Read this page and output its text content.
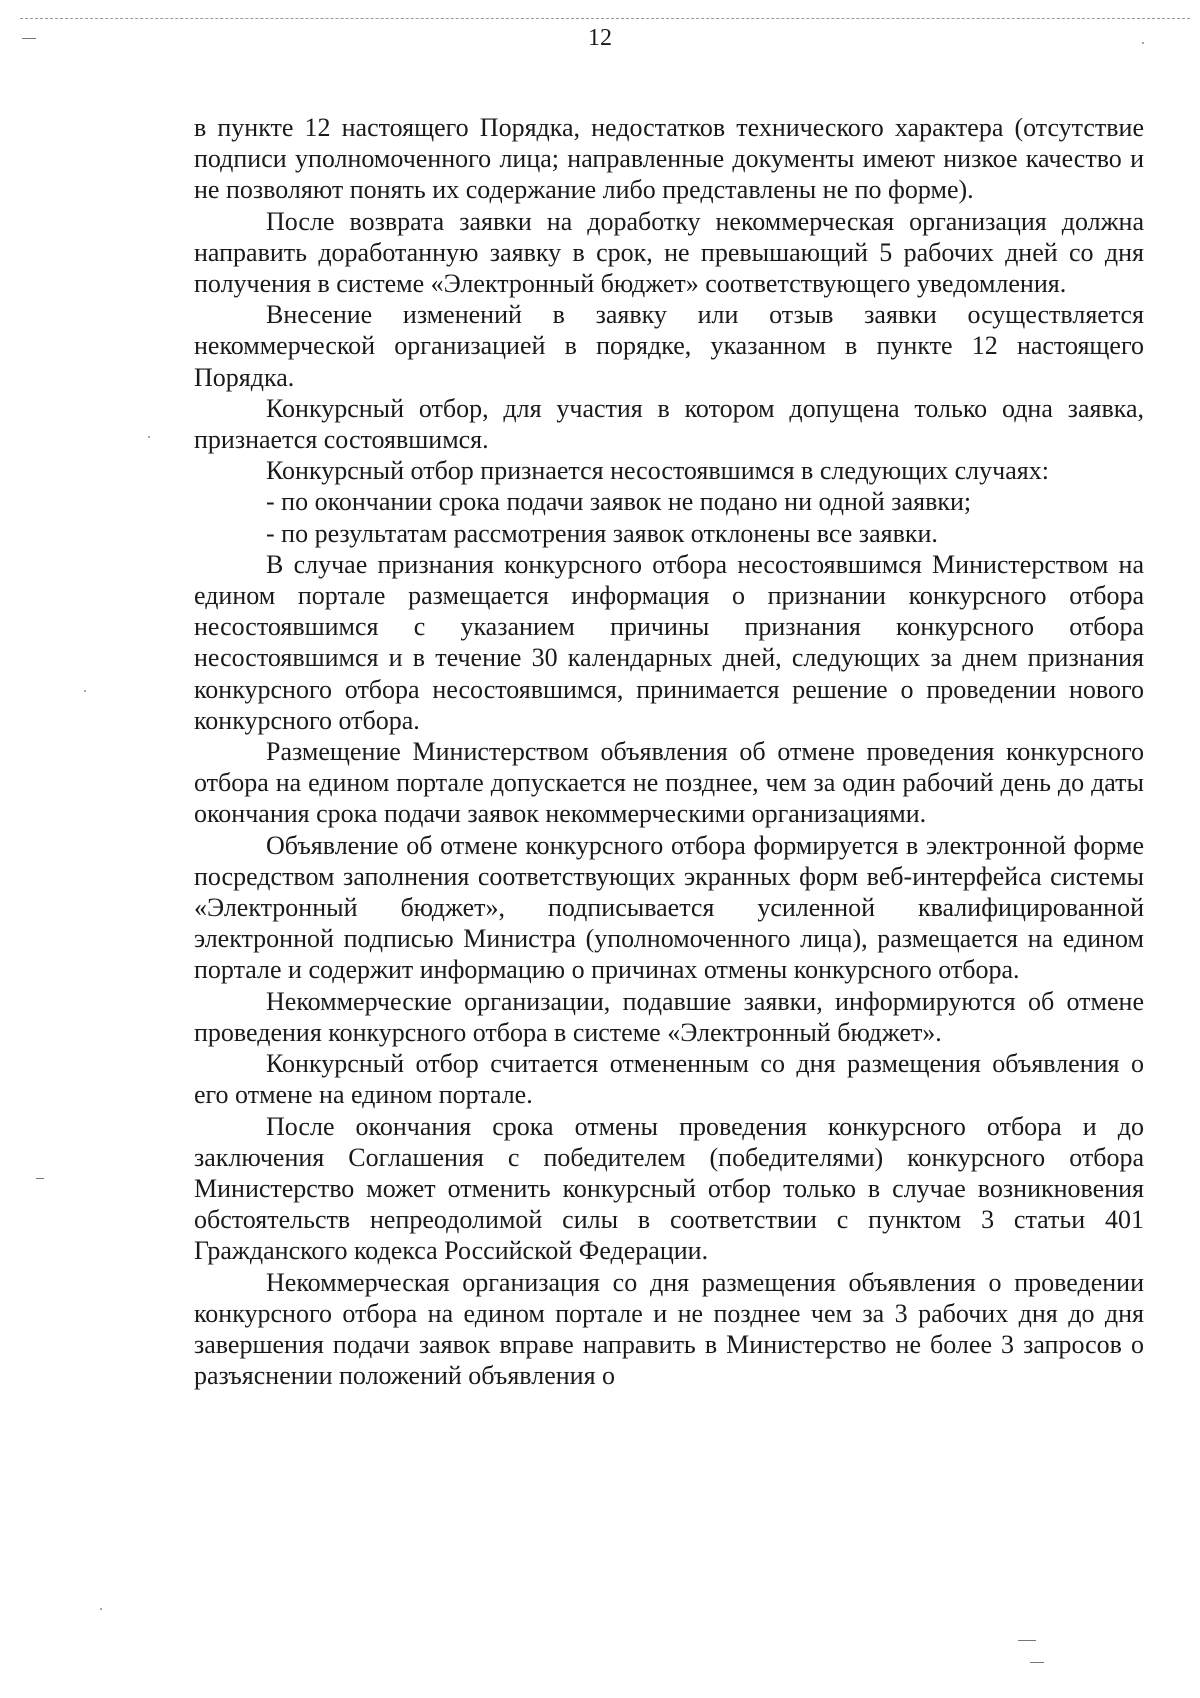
12

в пункте 12 настоящего Порядка, недостатков технического характера (отсутствие подписи уполномоченного лица; направленные документы имеют низкое качество и не позволяют понять их содержание либо представлены не по форме).

После возврата заявки на доработку некоммерческая организация должна направить доработанную заявку в срок, не превышающий 5 рабочих дней со дня получения в системе «Электронный бюджет» соответствующего уведомления.

Внесение изменений в заявку или отзыв заявки осуществляется некоммерческой организацией в порядке, указанном в пункте 12 настоящего Порядка.

Конкурсный отбор, для участия в котором допущена только одна заявка, признается состоявшимся.

Конкурсный отбор признается несостоявшимся в следующих случаях:

- по окончании срока подачи заявок не подано ни одной заявки;

- по результатам рассмотрения заявок отклонены все заявки.

В случае признания конкурсного отбора несостоявшимся Министерством на едином портале размещается информация о признании конкурсного отбора несостоявшимся с указанием причины признания конкурсного отбора несостоявшимся и в течение 30 календарных дней, следующих за днем признания конкурсного отбора несостоявшимся, принимается решение о проведении нового конкурсного отбора.

Размещение Министерством объявления об отмене проведения конкурсного отбора на едином портале допускается не позднее, чем за один рабочий день до даты окончания срока подачи заявок некоммерческими организациями.

Объявление об отмене конкурсного отбора формируется в электронной форме посредством заполнения соответствующих экранных форм веб-интерфейса системы «Электронный бюджет», подписывается усиленной квалифицированной электронной подписью Министра (уполномоченного лица), размещается на едином портале и содержит информацию о причинах отмены конкурсного отбора.

Некоммерческие организации, подавшие заявки, информируются об отмене проведения конкурсного отбора в системе «Электронный бюджет».

Конкурсный отбор считается отмененным со дня размещения объявления о его отмене на едином портале.

После окончания срока отмены проведения конкурсного отбора и до заключения Соглашения с победителем (победителями) конкурсного отбора Министерство может отменить конкурсный отбор только в случае возникновения обстоятельств непреодолимой силы в соответствии с пунктом 3 статьи 401 Гражданского кодекса Российской Федерации.

Некоммерческая организация со дня размещения объявления о проведении конкурсного отбора на едином портале и не позднее чем за 3 рабочих дня до дня завершения подачи заявок вправе направить в Министерство не более 3 запросов о разъяснении положений объявления о
